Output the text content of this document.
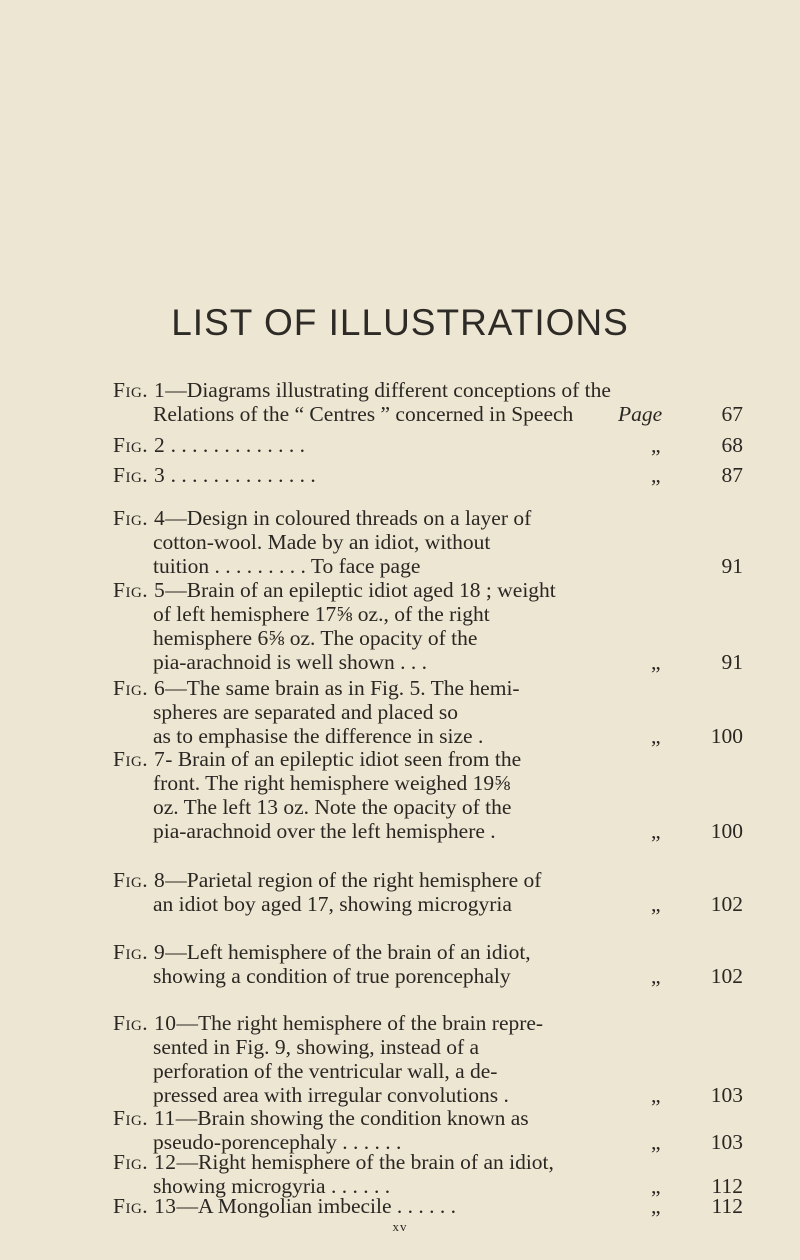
LIST OF ILLUSTRATIONS
Fig. 1—Diagrams illustrating different conceptions of the
Relations of the “ Centres ” concerned in Speech Page	67
Fig. 2 . . . . . . . . . . . . .	„	68
Fig. 3 . . . . . . . . . . . . . .	„	87
Fig. 4—Design in coloured threads on a layer of
cotton-wool. Made by an idiot, without
tuition . . . . . . . . . To face page	91
Fig. 5—Brain of an epileptic idiot aged 18 ; weight
of left hemisphere 17⅝ oz., of the right
hemisphere 6⅝ oz. The opacity of the
pia-arachnoid is well shown . . .	„	91
Fig. 6—The same brain as in Fig. 5. The hemi-
spheres are separated and placed so
as to emphasise the difference in size .	„ 100
Fig. 7- Brain of an epileptic idiot seen from the
front. The right hemisphere weighed 19⅝
oz. The left 13 oz. Note the opacity of the
pia-arachnoid over the left hemisphere .	„ 100
Fig. 8—Parietal region of the right hemisphere of
an idiot boy aged 17, showing microgyria	„ 102
Fig. 9—Left hemisphere of the brain of an idiot,
showing a condition of true porencephaly	„ 102
Fig. 10—The right hemisphere of the brain repre-
sented in Fig. 9, showing, instead of a
perforation of the ventricular wall, a de-
pressed area with irregular convolutions .	„ 103
Fig. 11—Brain showing the condition known as
pseudo-porencephaly . . . . . .	„ 103
Fig. 12—Right hemisphere of the brain of an idiot,
showing microgyria . . . . . .	„ 112
Fig. 13—A Mongolian imbecile . . . . . .	„ 112
xv
